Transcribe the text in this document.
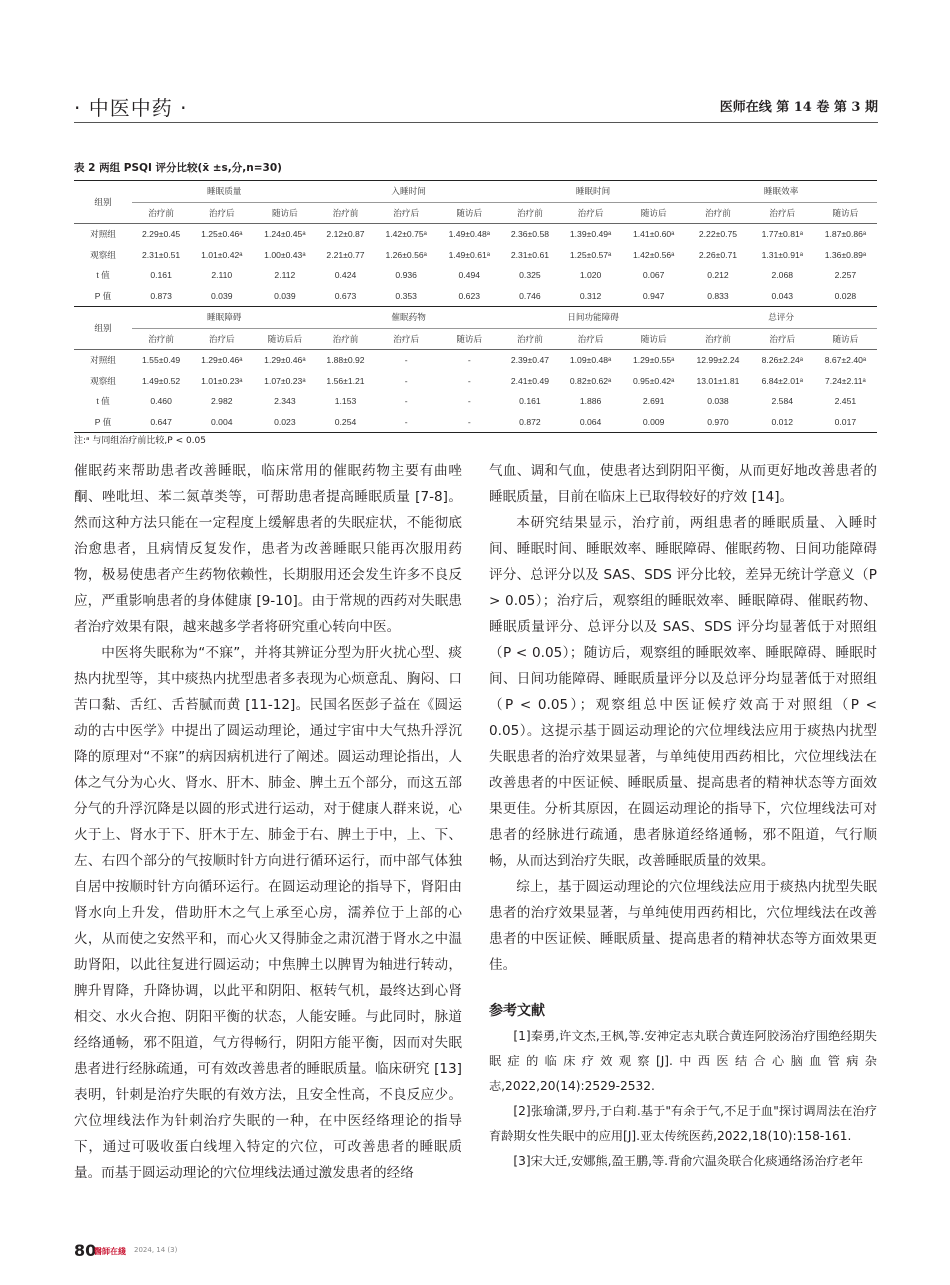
· 中医中药 ·	医师在线 第 14 卷 第 3 期
表 2 两组 PSQI 评分比较(x̄ ±s,分,n=30)
组别	睡眠质量			入睡时间			睡眠时间			睡眠效率		
	治疗前	治疗后	随访后	治疗前	治疗后	随访后	治疗前	治疗后	随访后	治疗前	治疗后	随访后
对照组	2.29±0.45	1.25±0.46ᵃ	1.24±0.45ᵃ	2.12±0.87	1.42±0.75ᵃ	1.49±0.48ᵃ	2.36±0.58	1.39±0.49ᵃ	1.41±0.60ᵃ	2.22±0.75	1.77±0.81ᵃ	1.87±0.86ᵃ
观察组	2.31±0.51	1.01±0.42ᵃ	1.00±0.43ᵃ	2.21±0.77	1.26±0.56ᵃ	1.49±0.61ᵃ	2.31±0.61	1.25±0.57ᵃ	1.42±0.56ᵃ	2.26±0.71	1.31±0.91ᵃ	1.36±0.89ᵃ
t 值	0.161	2.110	2.112	0.424	0.936	0.494	0.325	1.020	0.067	0.212	2.068	2.257
P 值	0.873	0.039	0.039	0.673	0.353	0.623	0.746	0.312	0.947	0.833	0.043	0.028
组别	睡眠障碍			催眠药物			日间功能障碍			总评分		
	治疗前	治疗后	随访后后	治疗前	治疗后	随访后	治疗前	治疗后	随访后	治疗前	治疗后	随访后
对照组	1.55±0.49	1.29±0.46ᵃ	1.29±0.46ᵃ	1.88±0.92	-	-	2.39±0.47	1.09±0.48ᵃ	1.29±0.55ᵃ	12.99±2.24	8.26±2.24ᵃ	8.67±2.40ᵃ
观察组	1.49±0.52	1.01±0.23ᵃ	1.07±0.23ᵃ	1.56±1.21	-	-	2.41±0.49	0.82±0.62ᵃ	0.95±0.42ᵃ	13.01±1.81	6.84±2.01ᵃ	7.24±2.11ᵃ
t 值	0.460	2.982	2.343	1.153	-	-	0.161	1.886	2.691	0.038	2.584	2.451
P 值	0.647	0.004	0.023	0.254	-	-	0.872	0.064	0.009	0.970	0.012	0.017
注:ᵃ 与同组治疗前比较,P < 0.05

催眠药来帮助患者改善睡眠，临床常用的催眠药物主要有曲唑酮、唑吡坦、苯二氮䓬类等，可帮助患者提高睡眠质量 [7-8]。然而这种方法只能在一定程度上缓解患者的失眠症状，不能彻底治愈患者，且病情反复发作，患者为改善睡眠只能再次服用药物，极易使患者产生药物依赖性，长期服用还会发生许多不良反应，严重影响患者的身体健康 [9-10]。由于常规的西药对失眠患者治疗效果有限，越来越多学者将研究重心转向中医。

中医将失眠称为“不寐”，并将其辨证分型为肝火扰心型、痰热内扰型等，其中痰热内扰型患者多表现为心烦意乱、胸闷、口苦口黏、舌红、舌苔腻而黄 [11-12]。民国名医彭子益在《圆运动的古中医学》中提出了圆运动理论，通过宇宙中大气热升浮沉降的原理对“不寐”的病因病机进行了阐述。圆运动理论指出，人体之气分为心火、肾水、肝木、肺金、脾土五个部分，而这五部分气的升浮沉降是以圆的形式进行运动，对于健康人群来说，心火于上、肾水于下、肝木于左、肺金于右、脾土于中，上、下、左、右四个部分的气按顺时针方向进行循环运行，而中部气体独自居中按顺时针方向循环运行。在圆运动理论的指导下，肾阳由肾水向上升发，借助肝木之气上承至心房，濡养位于上部的心火，从而使之安然平和，而心火又得肺金之肃沉潜于肾水之中温助肾阳，以此往复进行圆运动；中焦脾土以脾胃为轴进行转动，脾升胃降，升降协调，以此平和阴阳、枢转气机，最终达到心肾相交、水火合抱、阴阳平衡的状态，人能安睡。与此同时，脉道经络通畅，邪不阻道，气方得畅行，阴阳方能平衡，因而对失眠患者进行经脉疏通，可有效改善患者的睡眠质量。临床研究 [13] 表明，针刺是治疗失眠的有效方法，且安全性高，不良反应少。穴位埋线法作为针刺治疗失眠的一种，在中医经络理论的指导下，通过可吸收蛋白线埋入特定的穴位，可改善患者的睡眠质量。而基于圆运动理论的穴位埋线法通过激发患者的经络

气血、调和气血，使患者达到阴阳平衡，从而更好地改善患者的睡眠质量，目前在临床上已取得较好的疗效 [14]。

本研究结果显示，治疗前，两组患者的睡眠质量、入睡时间、睡眠时间、睡眠效率、睡眠障碍、催眠药物、日间功能障碍评分、总评分以及 SAS、SDS 评分比较，差异无统计学意义（P > 0.05）；治疗后，观察组的睡眠效率、睡眠障碍、催眠药物、睡眠质量评分、总评分以及 SAS、SDS 评分均显著低于对照组（P < 0.05）；随访后，观察组的睡眠效率、睡眠障碍、睡眠时间、日间功能障碍、睡眠质量评分以及总评分均显著低于对照组（P < 0.05）；观察组总中医证候疗效高于对照组（P < 0.05）。这提示基于圆运动理论的穴位埋线法应用于痰热内扰型失眠患者的治疗效果显著，与单纯使用西药相比，穴位埋线法在改善患者的中医证候、睡眠质量、提高患者的精神状态等方面效果更佳。分析其原因，在圆运动理论的指导下，穴位埋线法可对患者的经脉进行疏通，患者脉道经络通畅，邪不阻道，气行顺畅，从而达到治疗失眠，改善睡眠质量的效果。

综上，基于圆运动理论的穴位埋线法应用于痰热内扰型失眠患者的治疗效果显著，与单纯使用西药相比，穴位埋线法在改善患者的中医证候、睡眠质量、提高患者的精神状态等方面效果更佳。

参考文献

[1]秦勇,许文杰,王枫,等.安神定志丸联合黄连阿胶汤治疗围绝经期失眠症的临床疗效观察[J].中西医结合心脑血管病杂志,2022,20(14):2529-2532.

[2]张瑜潇,罗丹,于白莉.基于"有余于气,不足于血"探讨调周法在治疗育龄期女性失眠中的应用[J].亚太传统医药,2022,18(10):158-161.

[3]宋大迁,安娜熊,盈王鹏,等.背俞穴温灸联合化痰通络汤治疗老年

80
醫師在綫 2024, 14 (3)
